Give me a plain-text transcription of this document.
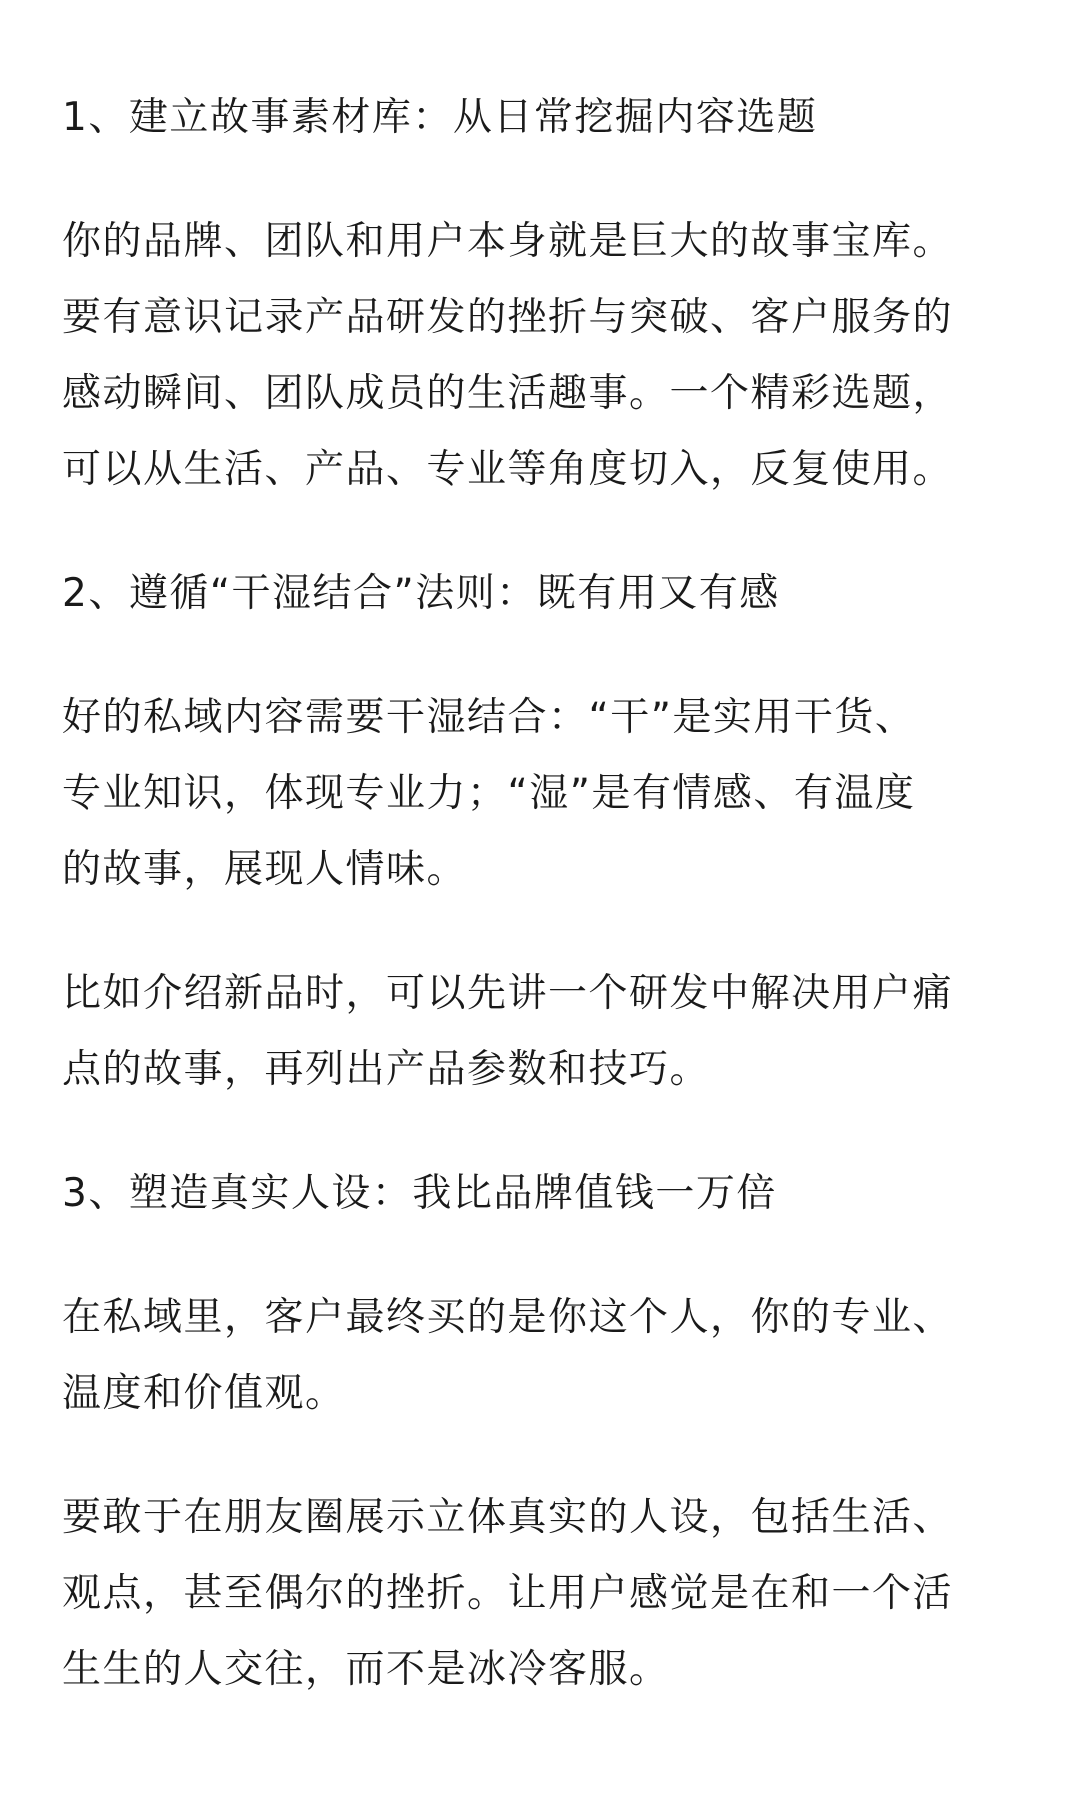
1、建立故事素材库：从日常挖掘内容选题

你的品牌、团队和用户本身就是巨大的故事宝库。
要有意识记录产品研发的挫折与突破、客户服务的
感动瞬间、团队成员的生活趣事。一个精彩选题，
可以从生活、产品、专业等角度切入，反复使用。

2、遵循“干湿结合”法则：既有用又有感

好的私域内容需要干湿结合：“干”是实用干货、
专业知识，体现专业力；“湿”是有情感、有温度
的故事，展现人情味。

比如介绍新品时，可以先讲一个研发中解决用户痛
点的故事，再列出产品参数和技巧。

3、塑造真实人设：我比品牌值钱一万倍

在私域里，客户最终买的是你这个人，你的专业、
温度和价值观。

要敢于在朋友圈展示立体真实的人设，包括生活、
观点，甚至偶尔的挫折。让用户感觉是在和一个活
生生的人交往，而不是冰冷客服。
